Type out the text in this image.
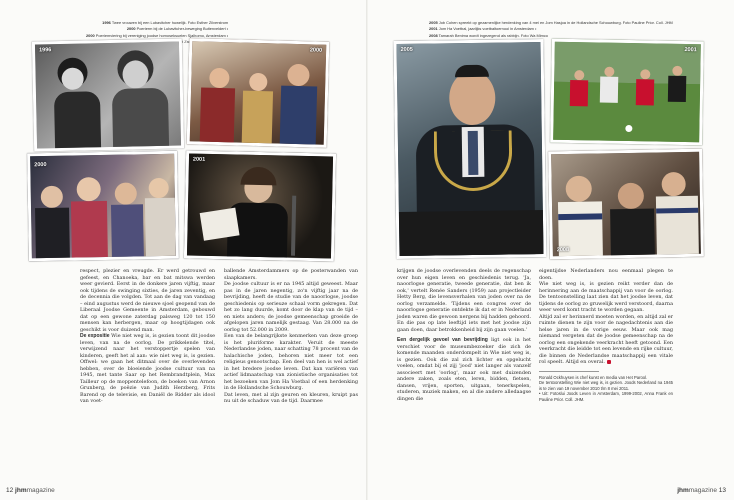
1996 Twee vrouwen bij een Lubavitcher huwelijk. Foto Esther Zilverstrom
2000 Poerierm bij de Lubavitcher-beweging Buitenveldert •
2000 Poeriemviering bij vereniging joodse homoseksuelen Sjalhomo, Amsterdam •
1996	2000
2000
2001

respect, plezier en vreugde. Er werd getrouwd en gefeest, en Chanoeka, bar en bat mitswa werden weer gevierd. Eerst in de donkere jaren vijftig, maar ook tijdens de swinging sixties, de jaren zeventig, en de decennia die volgden. Tot aan de dag van vandaag – eind augustus werd de nieuwe sjoel geopend van de Liberaal Joodse Gemeente in Amsterdam, gebouwd dat op een gewone zaterdag palsweg 120 tot 150 mensen kan herbergen, maar op hoogtijdagen ook geschikt is voor duizend man.

De expositie Wie niet weg is, is gezien toont dit joodse leven, van na de oorlog. De prikkelende titel, verwijzend naar het verstoppertje spelen van kinderen, geeft het al aan: wie niet weg is, is gezien. Offwel: we gaan het ditmaal over de overlevenden hebben, over de bloeiende joodse cultuur van na 1945, met tante Saar op het Rembrandtplein, Max Tailleur op de moppentelefoon, de boeken van Arnon Grunberg, de poëzie van Judith Herzberg, Frits Barend op de televisie, en Daniël de Ridder als idool van voet-

ballende Amsterdammers op de posterwanden van slaapkamers.

De joodse cultuur is er na 1945 altijd geweest. Maar pas in de jaren negentig, zo'n vijftig jaar na de bevrijding, heeft de studie van de naoorlogse, joodse geschiedenis op serieuze schaal vorm gekregen. Dat het zo lang duurde, komt door de klap van de tijd – en niets anders; de joodse gemeenschap groeide de afgelopen jaren namelijk gestaag. Van 28.000 na de oorlog tot 52.000 in 2009.

Een van de belangrijkste kenmerken van deze groep is het pluriforme karakter. Veruit de meeste Nederlandse joden, naar schatting 78 procent van de halachische joden, behoren niet meer tot een religieus genootschap. Een deel van hen is wel actief in het bredere joodse leven. Dat kan variëren van actief lidmaatschap van zionistische organisaties tot het bezoeken van Jom Ha Voetbal of een herdenking in de Hollandsche Schouwburg.

Dat leven, met al zijn geuren en kleuren, kruipt pas nu uit de schaduw van de tijd. Daarmee

12 jhmmagazine
2005 Job Cohen spreekt op gezamenlijke herdenking van 4 mei en Jom Hasjoa in de Hollandsche Schouwburg. Foto Pauline Prior. Coll. JHM
2001 Jom Ha Voetbal, jaarlijks voetbaltoernooi in Amsterdam •
2008 Tamarah Benima wordt ingezegend als rabbijn. Foto Wa Mimco
2005	2001
2008

krijgen de joodse overlevenden deels de regenschap over hun eigen leven en geschiedenis terug. 'Ja, naoorlogse generatie, tweede generatie, dat ben ik ook,' vertelt Renée Sanders (1959) aan projectleider Hetty Berg, die levensverhalen van joden over na de oorlog verzamelde. 'Tijdens een congres over de naoorlogse generatie ontdekte ik dat er in Nederland joden waren die gewoon nergens bij hadden gehoord. En die pas op late leeftijd iets met het joodse zijn gaan doen, daar betrokkenheid bij zijn gaan voelen.'

Een dergelijk gevoel van bevrijding ligt ook in het verschiet voor de museumbezoeker die zich de komende maanden onderdompelt in Wie niet weg is, is gezien. Ook die zal zich lichter en opgelucht voelen, omdat bij el zijj 'jood' niet langer als vanzelf associeert met 'oorlog', maar ook met duizenden andere zaken, zoals eten, leren, bidden, fietsen, dansen, vrijen, sporten, uitgaan, tenerkspelen, studeren, muziek maken, en al die andere alledaagse dingen die

eigentijdse Nederlanders nou eenmaal plegen te doen.

Wie niet weg is, is gezien reikt verder dan de herinnering aan de maatschappij van voor de oorlog. De tentoonstelling laat zien dat het joodse leven, dat tijdens de oorlog zo gruwelijk werd verstoord, daarna weer werd komt tracht te worden gegaan.

Altijd zal er herinnerd moeten worden, en altijd zal er ruimte dienen te zijn voor de nagedachtenis aan die helse jaren in de vorige eeuw. Maar ook mag niemand vergeten dat de joodse gemeenschap na de oorlog een ongekende veerkracht heeft getoond. Een veerkracht die leidde tot een levende en rijke cultuur, die binnen de Nederlandse maatschappij een vitale rol speelt. Altijd en overal.

Ronald Ockhuysen is chef kunst en media van Het Parool.
De tentoonstelling Wie niet weg is, is gezien. Joods Nederland na 1945 is te zien van 19 november 2010 t/m 8 mei 2011.
• Uit: Fotoslui Joods Leven in Amsterdam, 1999-2002, Anna Frank en Pauline Prior. Coll. JHM.
jhmmagazine 13
